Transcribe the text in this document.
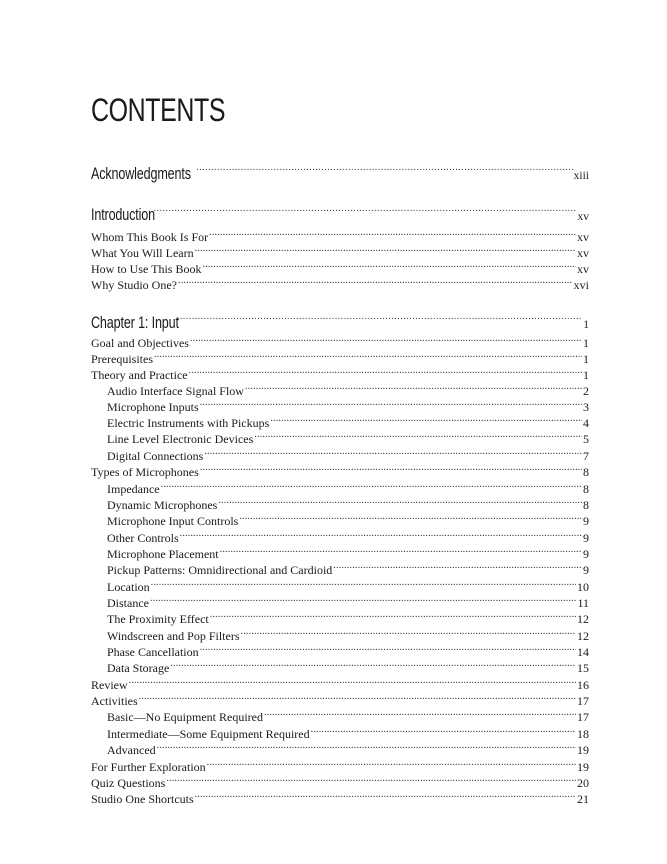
CONTENTS
Acknowledgments .....	xiii
Introduction .....	xv
Whom This Book Is For .....	xv
What You Will Learn .....	xv
How to Use This Book .....	xv
Why Studio One? .....	xvi
Chapter 1: Input .....	1
Goal and Objectives .....	1
Prerequisites .....	1
Theory and Practice .....	1
Audio Interface Signal Flow .....	2
Microphone Inputs .....	3
Electric Instruments with Pickups .....	4
Line Level Electronic Devices .....	5
Digital Connections .....	7
Types of Microphones .....	8
Impedance .....	8
Dynamic Microphones .....	8
Microphone Input Controls .....	9
Other Controls .....	9
Microphone Placement .....	9
Pickup Patterns: Omnidirectional and Cardioid .....	9
Location .....	10
Distance .....	11
The Proximity Effect .....	12
Windscreen and Pop Filters .....	12
Phase Cancellation .....	14
Data Storage .....	15
Review .....	16
Activities .....	17
Basic—No Equipment Required .....	17
Intermediate—Some Equipment Required .....	18
Advanced .....	19
For Further Exploration .....	19
Quiz Questions .....	20
Studio One Shortcuts .....	21
